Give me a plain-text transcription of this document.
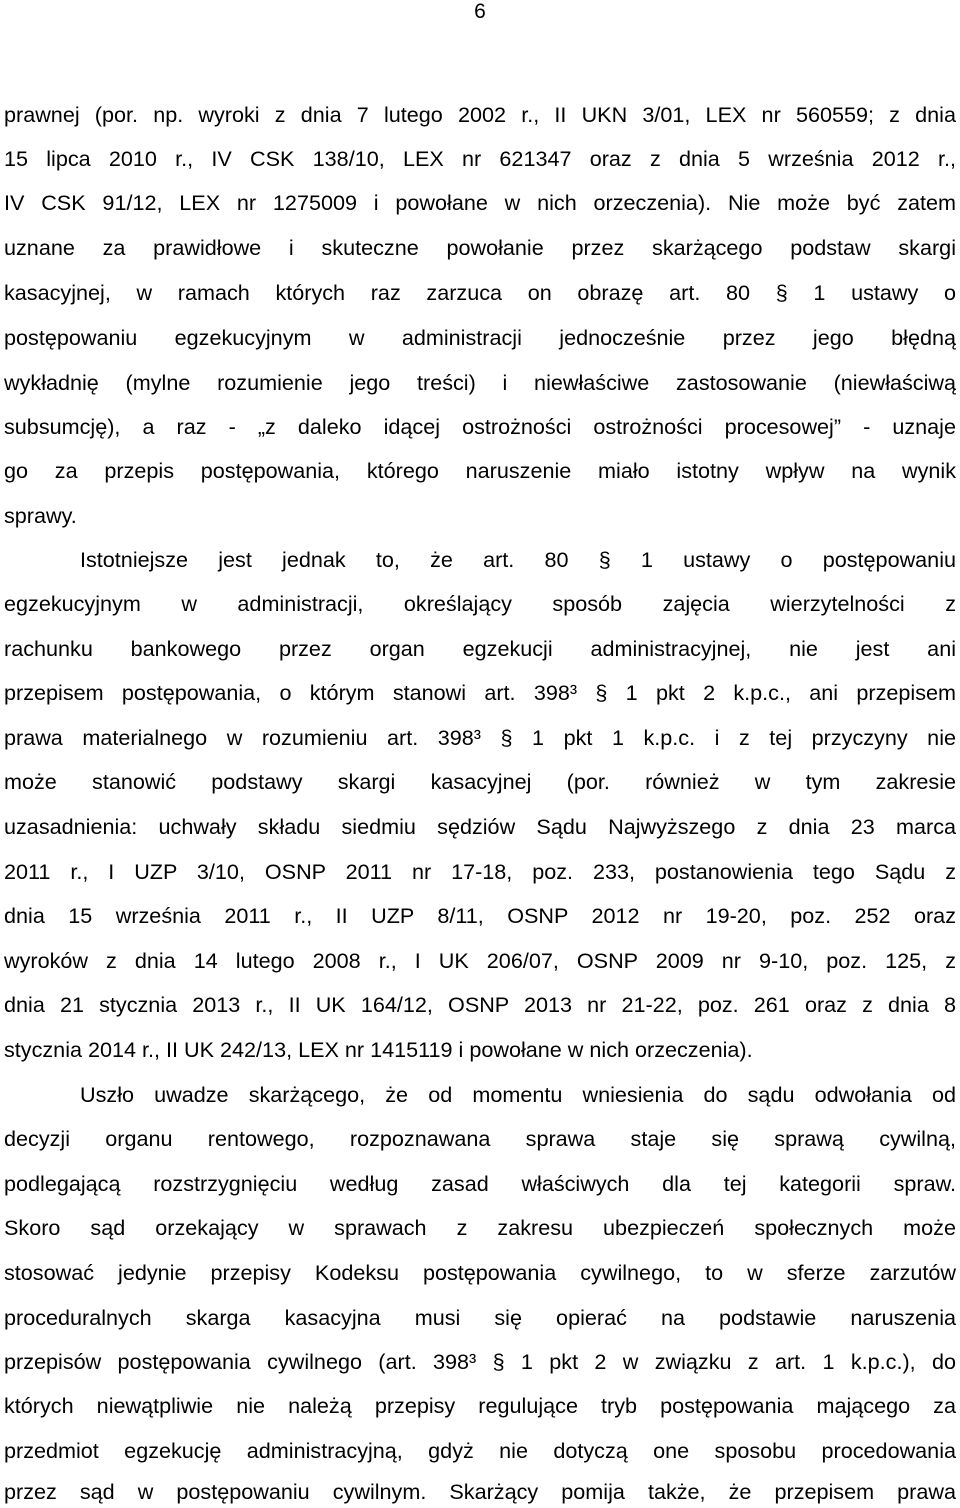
6
prawnej (por. np. wyroki z dnia 7 lutego 2002 r., II UKN 3/01, LEX nr 560559; z dnia
15 lipca 2010 r., IV CSK 138/10, LEX nr 621347 oraz z dnia 5 września 2012 r.,
IV CSK 91/12, LEX nr 1275009 i powołane w nich orzeczenia). Nie może być zatem
uznane za prawidłowe i skuteczne powołanie przez skarżącego podstaw skargi
kasacyjnej, w ramach których raz zarzuca on obrazę art. 80 § 1 ustawy o
postępowaniu egzekucyjnym w administracji jednocześnie przez jego błędną
wykładnię (mylne rozumienie jego treści) i niewłaściwe zastosowanie (niewłaściwą
subsumcję), a raz - „z daleko idącej ostrożności ostrożności procesowej” - uznaje
go za przepis postępowania, którego naruszenie miało istotny wpływ na wynik
sprawy.
Istotniejsze jest jednak to, że art. 80 § 1 ustawy o postępowaniu
egzekucyjnym w administracji, określający sposób zajęcia wierzytelności z
rachunku bankowego przez organ egzekucji administracyjnej, nie jest ani
przepisem postępowania, o którym stanowi art. 398³ § 1 pkt 2 k.p.c., ani przepisem
prawa materialnego w rozumieniu art. 398³ § 1 pkt 1 k.p.c. i z tej przyczyny nie
może stanowić podstawy skargi kasacyjnej (por. również w tym zakresie
uzasadnienia: uchwały składu siedmiu sędziów Sądu Najwyższego z dnia 23 marca
2011 r., I UZP 3/10, OSNP 2011 nr 17-18, poz. 233, postanowienia tego Sądu z
dnia 15 września 2011 r., II UZP 8/11, OSNP 2012 nr 19-20, poz. 252 oraz
wyroków z dnia 14 lutego 2008 r., I UK 206/07, OSNP 2009 nr 9-10, poz. 125, z
dnia 21 stycznia 2013 r., II UK 164/12, OSNP 2013 nr 21-22, poz. 261 oraz z dnia 8
stycznia 2014 r., II UK 242/13, LEX nr 1415119 i powołane w nich orzeczenia).
Uszło uwadze skarżącego, że od momentu wniesienia do sądu odwołania od
decyzji organu rentowego, rozpoznawana sprawa staje się sprawą cywilną,
podlegającą rozstrzygnięciu według zasad właściwych dla tej kategorii spraw.
Skoro sąd orzekający w sprawach z zakresu ubezpieczeń społecznych może
stosować jedynie przepisy Kodeksu postępowania cywilnego, to w sferze zarzutów
proceduralnych skarga kasacyjna musi się opierać na podstawie naruszenia
przepisów postępowania cywilnego (art. 398³ § 1 pkt 2 w związku z art. 1 k.p.c.), do
których niewątpliwie nie należą przepisy regulujące tryb postępowania mającego za
przedmiot egzekucję administracyjną, gdyż nie dotyczą one sposobu procedowania
przez sąd w postępowaniu cywilnym. Skarżący pomija także, że przepisem prawa
